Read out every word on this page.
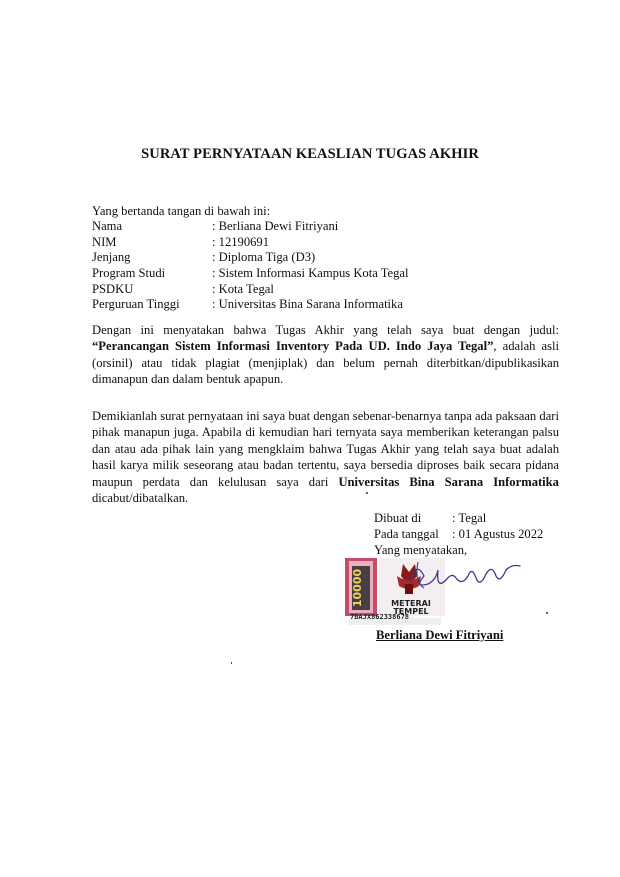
SURAT PERNYATAAN KEASLIAN TUGAS AKHIR
Yang bertanda tangan di bawah ini:
Nama	: Berliana Dewi Fitriyani
NIM	: 12190691
Jenjang	: Diploma Tiga (D3)
Program Studi	: Sistem Informasi Kampus Kota Tegal
PSDKU	: Kota Tegal
Perguruan Tinggi	: Universitas Bina Sarana Informatika

Dengan ini menyatakan bahwa Tugas Akhir yang telah saya buat dengan judul: “Perancangan Sistem Informasi Inventory Pada UD. Indo Jaya Tegal”, adalah asli (orsinil) atau tidak plagiat (menjiplak) dan belum pernah diterbitkan/dipublikasikan dimanapun dan dalam bentuk apapun.

Demikianlah surat pernyataan ini saya buat dengan sebenar-benarnya tanpa ada paksaan dari pihak manapun juga. Apabila di kemudian hari ternyata saya memberikan keterangan palsu dan atau ada pihak lain yang mengklaim bahwa Tugas Akhir yang telah saya buat adalah hasil karya milik seseorang atau badan tertentu, saya bersedia diproses baik secara pidana maupun perdata dan kelulusan saya dari Universitas Bina Sarana Informatika dicabut/dibatalkan.

Dibuat di : Tegal
Pada tanggal : 01 Agustus 2022
Yang menyatakan,
10000	METERAI
TEMPEL
7BAJX862338678
Berliana Dewi Fitriyani
